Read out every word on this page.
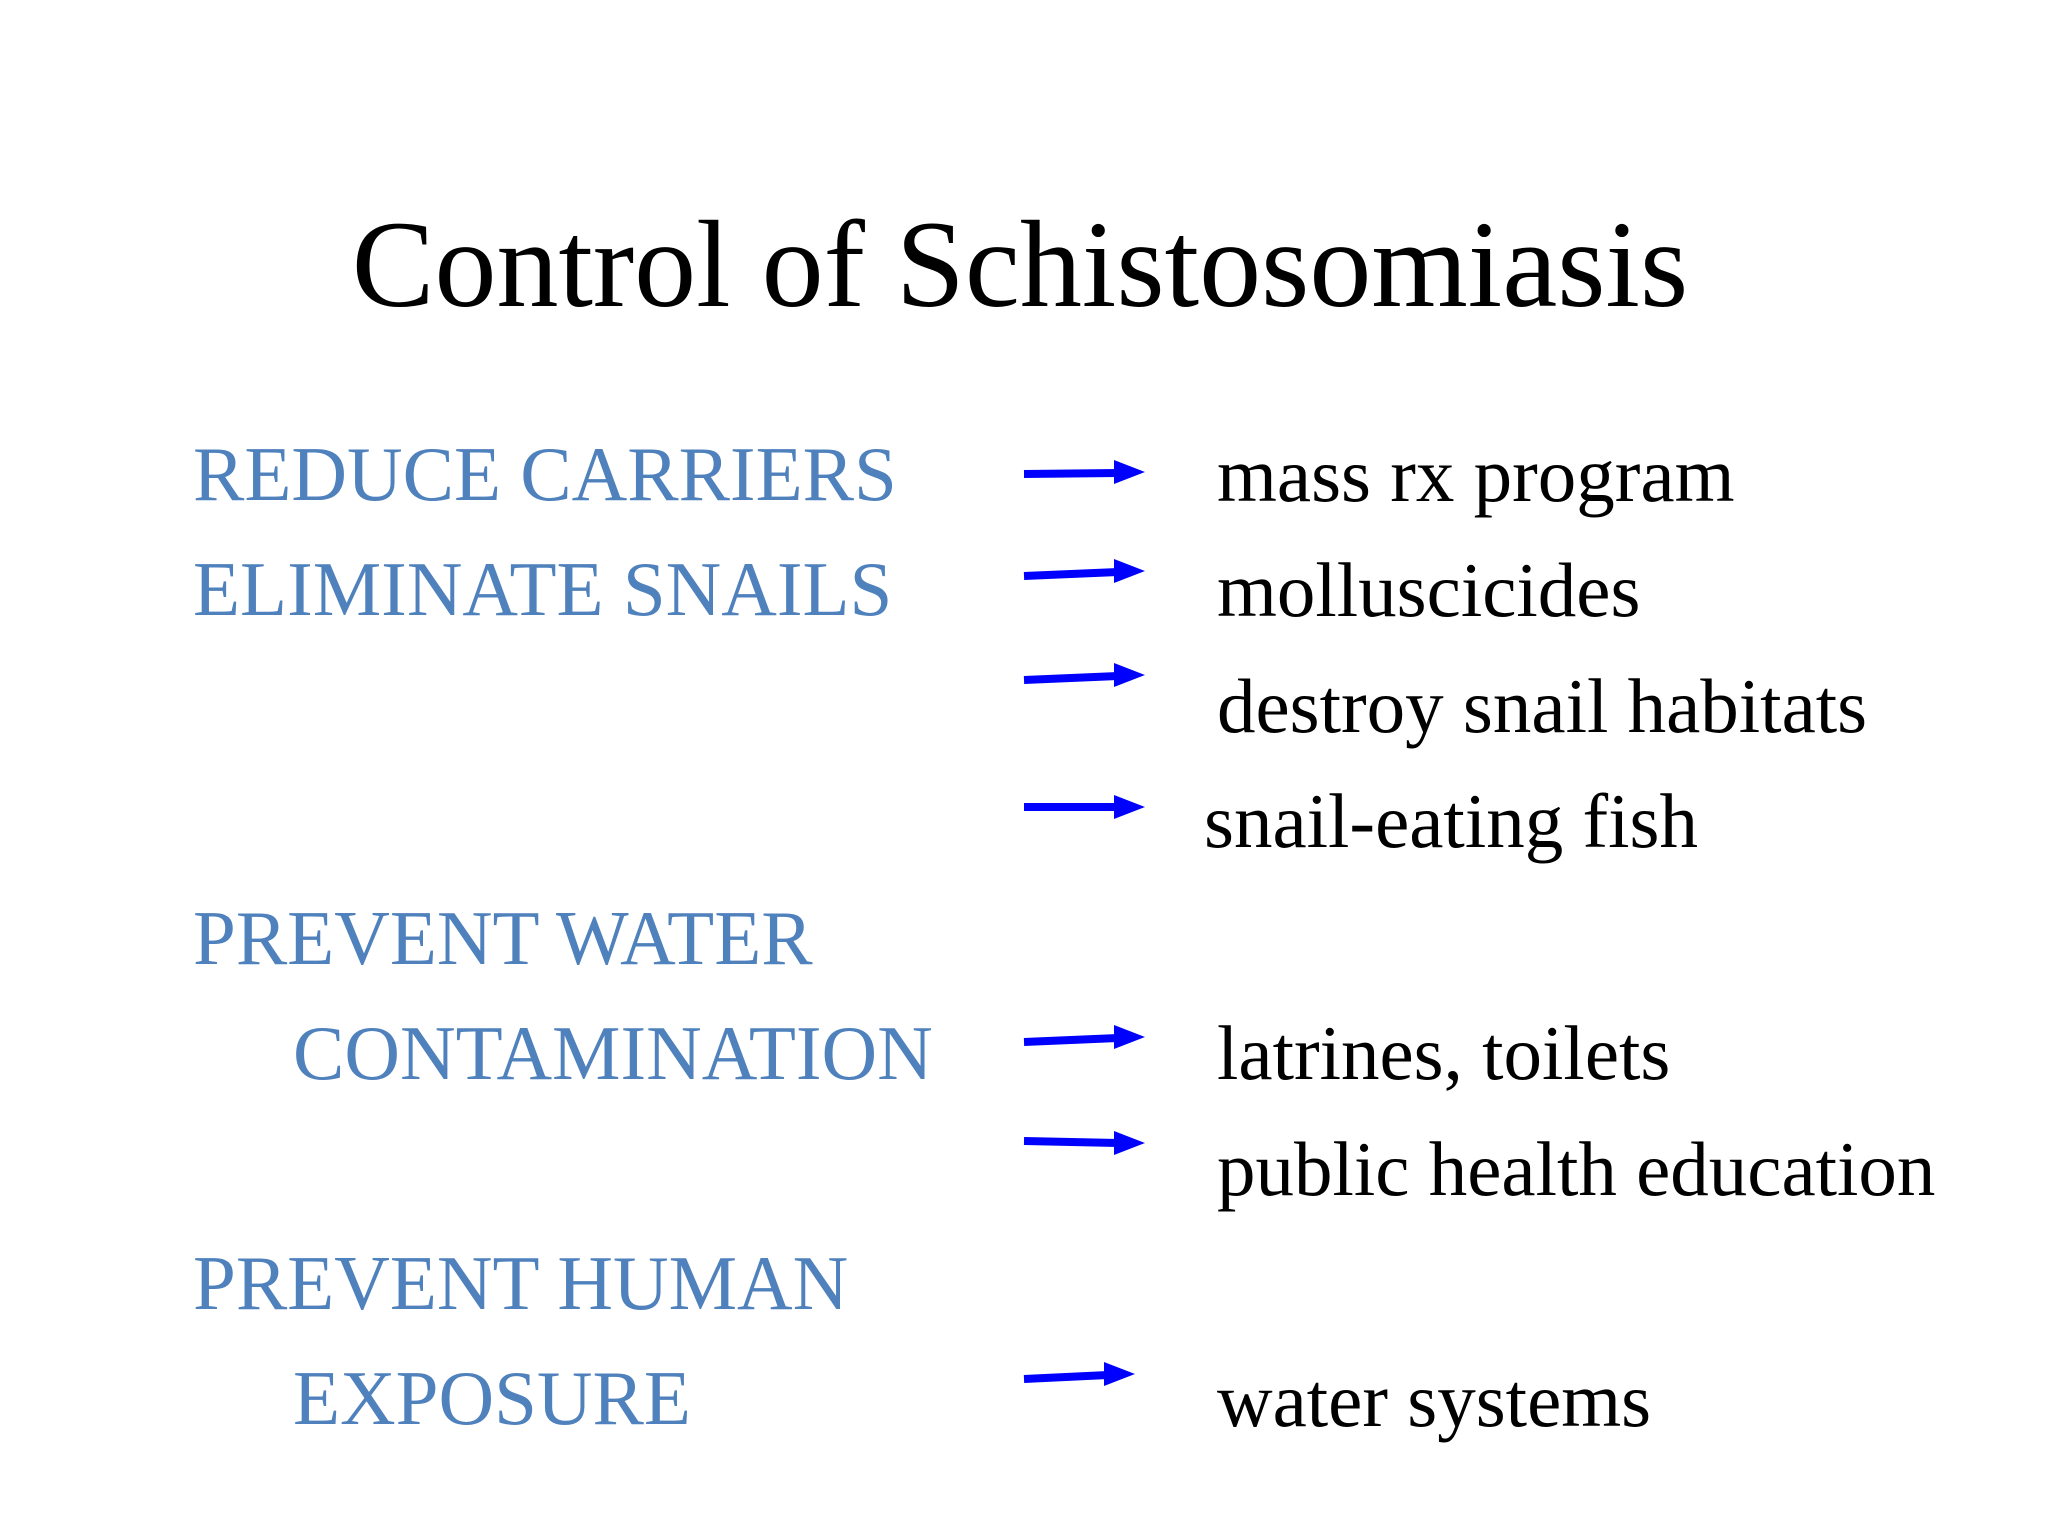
Control of Schistosomiasis
REDUCE CARRIERS
ELIMINATE SNAILS
PREVENT WATER
CONTAMINATION
PREVENT HUMAN
EXPOSURE
mass rx program
molluscicides
destroy snail habitats
snail-eating fish
latrines, toilets
public health education
water systems
